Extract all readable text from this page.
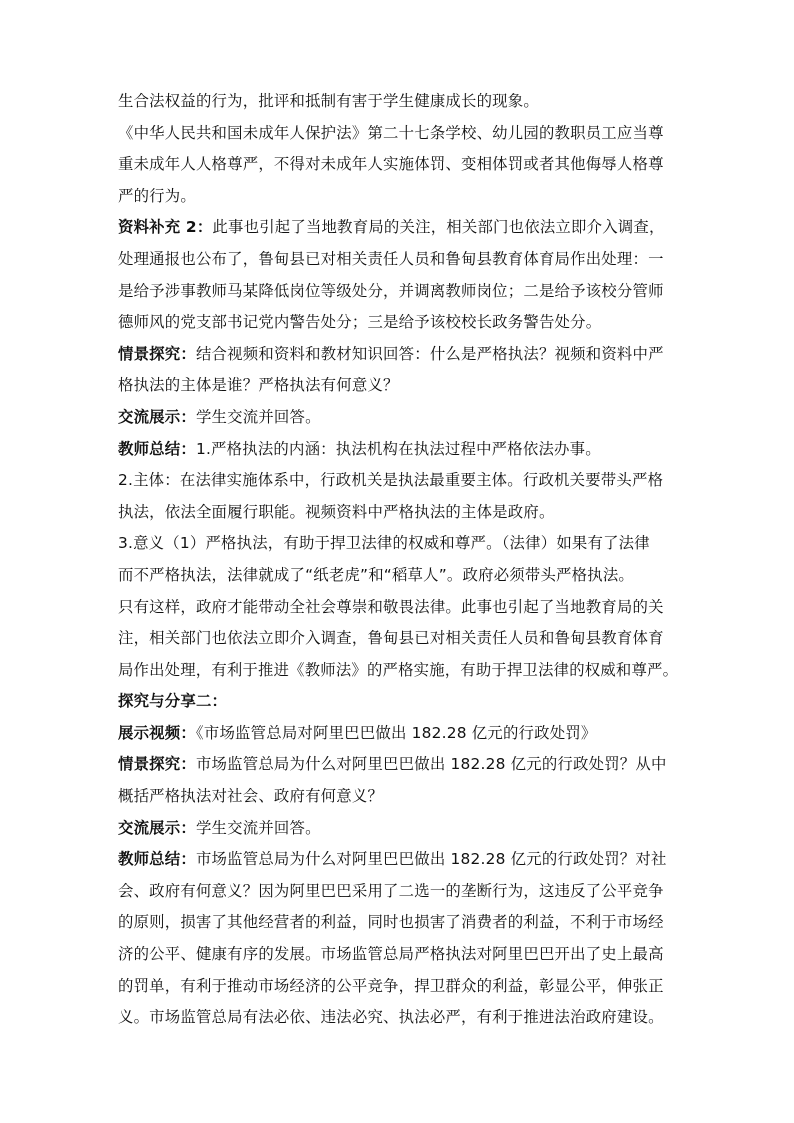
生合法权益的行为，批评和抵制有害于学生健康成长的现象。
《中华人民共和国未成年人保护法》第二十七条学校、幼儿园的教职员工应当尊
重未成年人人格尊严，不得对未成年人实施体罚、变相体罚或者其他侮辱人格尊
严的行为。
资料补充 2：此事也引起了当地教育局的关注，相关部门也依法立即介入调查，
处理通报也公布了，鲁甸县已对相关责任人员和鲁甸县教育体育局作出处理：一
是给予涉事教师马某降低岗位等级处分，并调离教师岗位；二是给予该校分管师
德师风的党支部书记党内警告处分；三是给予该校校长政务警告处分。
情景探究：结合视频和资料和教材知识回答：什么是严格执法？视频和资料中严
格执法的主体是谁？严格执法有何意义？
交流展示：学生交流并回答。
教师总结：1.严格执法的内涵：执法机构在执法过程中严格依法办事。
2.主体：在法律实施体系中，行政机关是执法最重要主体。行政机关要带头严格
执法，依法全面履行职能。视频资料中严格执法的主体是政府。
3.意义（1）严格执法，有助于捍卫法律的权威和尊严。（法律）如果有了法律
而不严格执法，法律就成了“纸老虎”和“稻草人”。政府必须带头严格执法。
只有这样，政府才能带动全社会尊崇和敬畏法律。此事也引起了当地教育局的关
注，相关部门也依法立即介入调查，鲁甸县已对相关责任人员和鲁甸县教育体育
局作出处理，有利于推进《教师法》的严格实施，有助于捍卫法律的权威和尊严。
探究与分享二：
展示视频：《市场监管总局对阿里巴巴做出 182.28 亿元的行政处罚》
情景探究：市场监管总局为什么对阿里巴巴做出 182.28 亿元的行政处罚？从中
概括严格执法对社会、政府有何意义？
交流展示：学生交流并回答。
教师总结：市场监管总局为什么对阿里巴巴做出 182.28 亿元的行政处罚？对社
会、政府有何意义？因为阿里巴巴采用了二选一的垄断行为，这违反了公平竞争
的原则，损害了其他经营者的利益，同时也损害了消费者的利益，不利于市场经
济的公平、健康有序的发展。市场监管总局严格执法对阿里巴巴开出了史上最高
的罚单，有利于推动市场经济的公平竞争，捍卫群众的利益，彰显公平，伸张正
义。市场监管总局有法必依、违法必究、执法必严，有利于推进法治政府建设。
